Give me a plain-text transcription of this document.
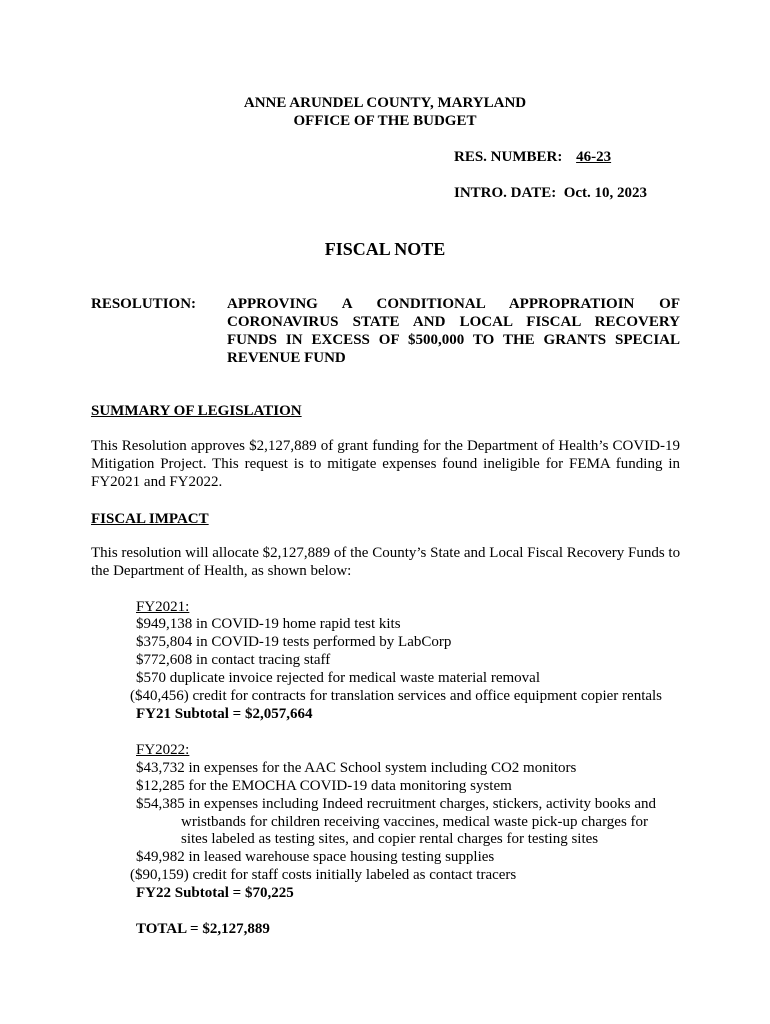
ANNE ARUNDEL COUNTY, MARYLAND
OFFICE OF THE BUDGET
RES. NUMBER: 46-23
INTRO. DATE:  Oct. 10, 2023
FISCAL NOTE
RESOLUTION: APPROVING A CONDITIONAL APPROPRATIOIN OF CORONAVIRUS STATE AND LOCAL FISCAL RECOVERY FUNDS IN EXCESS OF $500,000 TO THE GRANTS SPECIAL REVENUE FUND
SUMMARY OF LEGISLATION
This Resolution approves $2,127,889 of grant funding for the Department of Health’s COVID-19 Mitigation Project. This request is to mitigate expenses found ineligible for FEMA funding in FY2021 and FY2022.
FISCAL IMPACT
This resolution will allocate $2,127,889 of the County’s State and Local Fiscal Recovery Funds to the Department of Health, as shown below:
FY2021:
$949,138 in COVID-19 home rapid test kits
$375,804 in COVID-19 tests performed by LabCorp
$772,608 in contact tracing staff
$570 duplicate invoice rejected for medical waste material removal
($40,456) credit for contracts for translation services and office equipment copier rentals
FY21 Subtotal = $2,057,664
FY2022:
$43,732 in expenses for the AAC School system including CO2 monitors
$12,285 for the EMOCHA COVID-19 data monitoring system
$54,385 in expenses including Indeed recruitment charges, stickers, activity books and
wristbands for children receiving vaccines, medical waste pick-up charges for
sites labeled as testing sites, and copier rental charges for testing sites
$49,982 in leased warehouse space housing testing supplies
($90,159) credit for staff costs initially labeled as contact tracers
FY22 Subtotal = $70,225
TOTAL = $2,127,889
